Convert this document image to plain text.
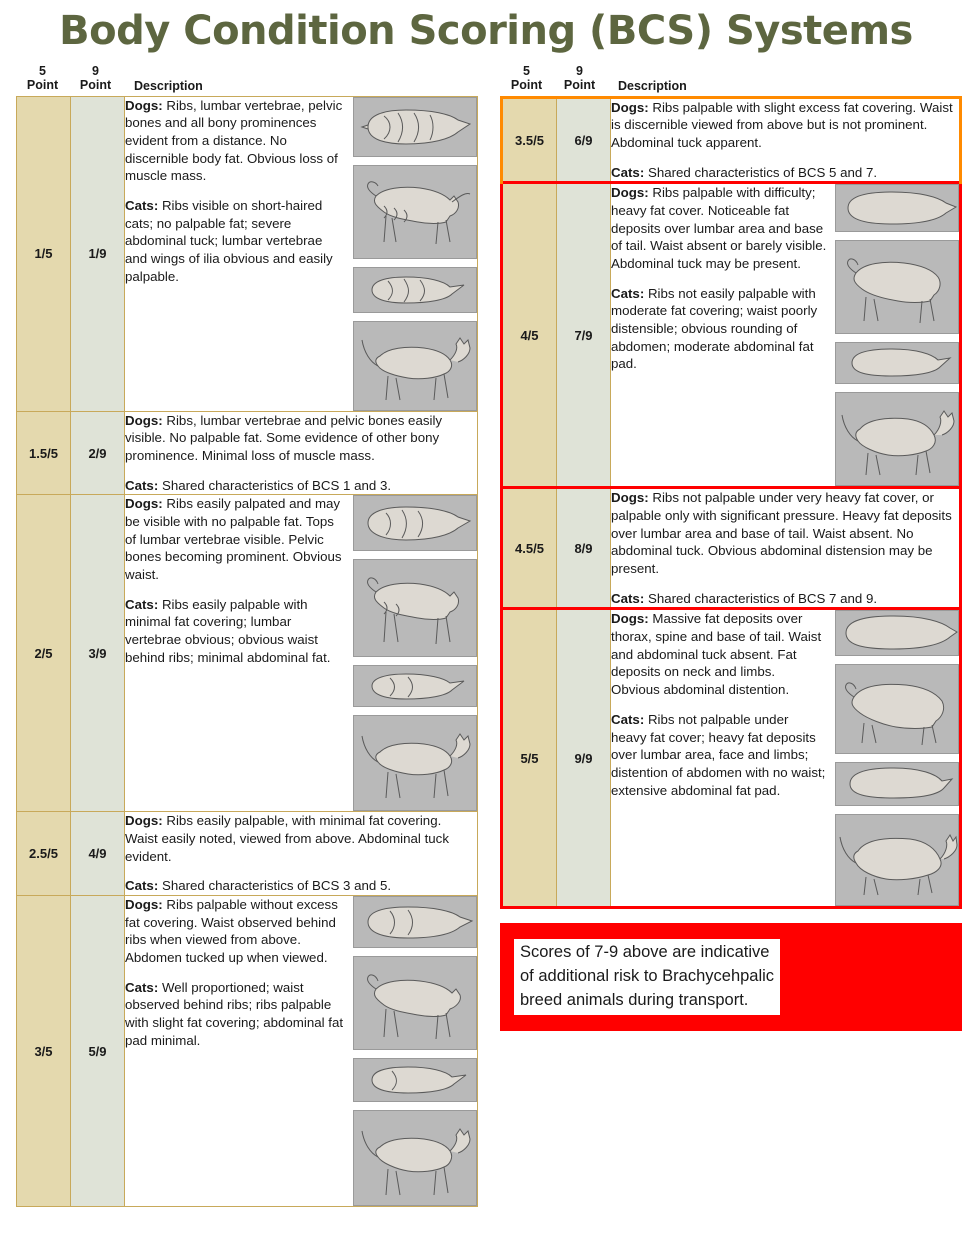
Body Condition Scoring (BCS) Systems
5
Point
9
Point	Description
1/5	1/9	Dogs: Ribs, lumbar vertebrae, pelvic bones and all bony prominences evident from a distance. No discernible body fat. Obvious loss of muscle mass.

Cats: Ribs visible on short-haired cats; no palpable fat; severe abdominal tuck; lumbar vertebrae and wings of ilia obvious and easily palpable.

1.5/5	2/9	Dogs: Ribs, lumbar vertebrae and pelvic bones easily visible. No palpable fat. Some evidence of other bony prominence. Minimal loss of muscle mass.

Cats: Shared characteristics of BCS 1 and 3.

2/5	3/9	Dogs: Ribs easily palpated and may be visible with no palpable fat. Tops of lumbar vertebrae visible. Pelvic bones becoming prominent. Obvious waist.

Cats: Ribs easily palpable with minimal fat covering; lumbar vertebrae obvious; obvious waist behind ribs; minimal abdominal fat.

2.5/5	4/9	Dogs: Ribs easily palpable, with minimal fat covering. Waist easily noted, viewed from above. Abdominal tuck evident.

Cats: Shared characteristics of BCS 3 and 5.

3/5	5/9	Dogs: Ribs palpable without excess fat covering. Waist observed behind ribs when viewed from above. Abdomen tucked up when viewed.

Cats: Well proportioned; waist observed behind ribs; ribs palpable with slight fat covering; abdominal fat pad minimal.

5
Point
9
Point	Description
3.5/5	6/9	Dogs: Ribs palpable with slight excess fat covering. Waist is discernible viewed from above but is not prominent. Abdominal tuck apparent.

Cats: Shared characteristics of BCS 5 and 7.

4/5	7/9	Dogs: Ribs palpable with difficulty; heavy fat cover. Noticeable fat deposits over lumbar area and base of tail. Waist absent or barely visible. Abdominal tuck may be present.

Cats: Ribs not easily palpable with moderate fat covering; waist poorly distensible; obvious rounding of abdomen; moderate abdominal fat pad.

4.5/5	8/9	Dogs: Ribs not palpable under very heavy fat cover, or palpable only with significant pressure. Heavy fat deposits over lumbar area and base of tail. Waist absent. No abdominal tuck. Obvious abdominal distension may be present.

Cats: Shared characteristics of BCS 7 and 9.

5/5	9/9	Dogs: Massive fat deposits over thorax, spine and base of tail. Waist and abdominal tuck absent. Fat deposits on neck and limbs. Obvious abdominal distention.

Cats: Ribs not palpable under heavy fat cover; heavy fat deposits over lumbar area, face and limbs; distention of abdomen with no waist; extensive abdominal fat pad.

Scores of 7-9 above are indicative
of additional risk to Brachycehpalic
breed animals during transport.
